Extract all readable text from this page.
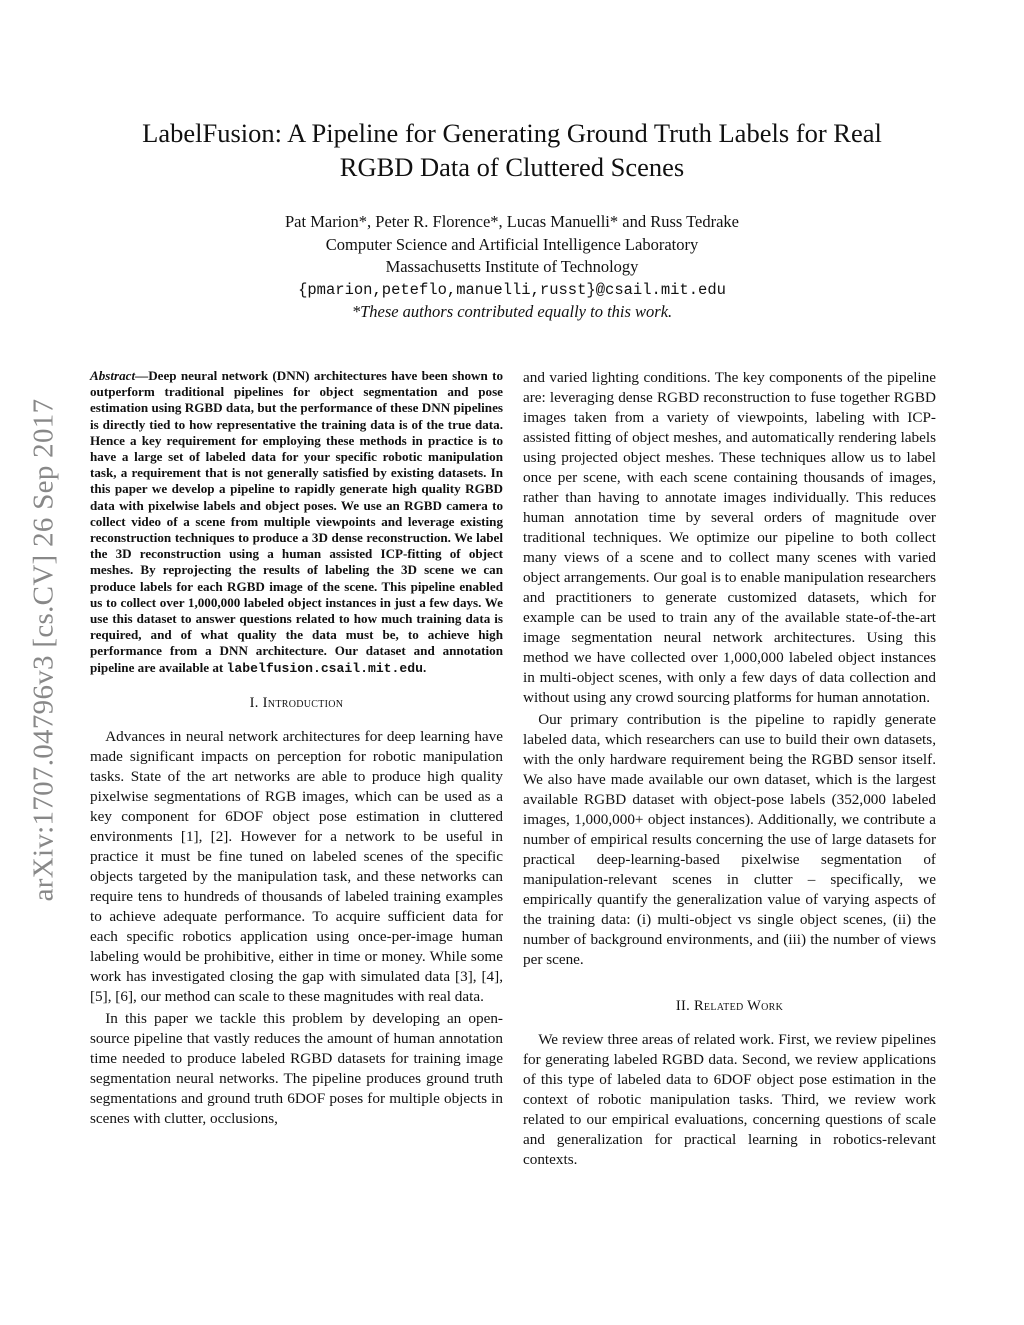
arXiv:1707.04796v3 [cs.CV] 26 Sep 2017
LabelFusion: A Pipeline for Generating Ground Truth Labels for Real
RGBD Data of Cluttered Scenes
Pat Marion*, Peter R. Florence*, Lucas Manuelli* and Russ Tedrake
Computer Science and Artificial Intelligence Laboratory
Massachusetts Institute of Technology
{pmarion,peteflo,manuelli,russt}@csail.mit.edu
*These authors contributed equally to this work.
Abstract—Deep neural network (DNN) architectures have been shown to outperform traditional pipelines for object segmentation and pose estimation using RGBD data, but the performance of these DNN pipelines is directly tied to how representative the training data is of the true data. Hence a key requirement for employing these methods in practice is to have a large set of labeled data for your specific robotic manipulation task, a requirement that is not generally satisfied by existing datasets. In this paper we develop a pipeline to rapidly generate high quality RGBD data with pixelwise labels and object poses. We use an RGBD camera to collect video of a scene from multiple viewpoints and leverage existing reconstruction techniques to produce a 3D dense reconstruction. We label the 3D reconstruction using a human assisted ICP-fitting of object meshes. By reprojecting the results of labeling the 3D scene we can produce labels for each RGBD image of the scene. This pipeline enabled us to collect over 1,000,000 labeled object instances in just a few days. We use this dataset to answer questions related to how much training data is required, and of what quality the data must be, to achieve high performance from a DNN architecture. Our dataset and annotation pipeline are available at labelfusion.csail.mit.edu.
I. Introduction

Advances in neural network architectures for deep learning have made significant impacts on perception for robotic manipulation tasks. State of the art networks are able to produce high quality pixelwise segmentations of RGB images, which can be used as a key component for 6DOF object pose estimation in cluttered environments [1], [2]. However for a network to be useful in practice it must be fine tuned on labeled scenes of the specific objects targeted by the manipulation task, and these networks can require tens to hundreds of thousands of labeled training examples to achieve adequate performance. To acquire sufficient data for each specific robotics application using once-per-image human labeling would be prohibitive, either in time or money. While some work has investigated closing the gap with simulated data [3], [4], [5], [6], our method can scale to these magnitudes with real data.

In this paper we tackle this problem by developing an open-source pipeline that vastly reduces the amount of human annotation time needed to produce labeled RGBD datasets for training image segmentation neural networks. The pipeline produces ground truth segmentations and ground truth 6DOF poses for multiple objects in scenes with clutter, occlusions,

and varied lighting conditions. The key components of the pipeline are: leveraging dense RGBD reconstruction to fuse together RGBD images taken from a variety of viewpoints, labeling with ICP-assisted fitting of object meshes, and automatically rendering labels using projected object meshes. These techniques allow us to label once per scene, with each scene containing thousands of images, rather than having to annotate images individually. This reduces human annotation time by several orders of magnitude over traditional techniques. We optimize our pipeline to both collect many views of a scene and to collect many scenes with varied object arrangements. Our goal is to enable manipulation researchers and practitioners to generate customized datasets, which for example can be used to train any of the available state-of-the-art image segmentation neural network architectures. Using this method we have collected over 1,000,000 labeled object instances in multi-object scenes, with only a few days of data collection and without using any crowd sourcing platforms for human annotation.

Our primary contribution is the pipeline to rapidly generate labeled data, which researchers can use to build their own datasets, with the only hardware requirement being the RGBD sensor itself. We also have made available our own dataset, which is the largest available RGBD dataset with object-pose labels (352,000 labeled images, 1,000,000+ object instances). Additionally, we contribute a number of empirical results concerning the use of large datasets for practical deep-learning-based pixelwise segmentation of manipulation-relevant scenes in clutter – specifically, we empirically quantify the generalization value of varying aspects of the training data: (i) multi-object vs single object scenes, (ii) the number of background environments, and (iii) the number of views per scene.

II. Related Work

We review three areas of related work. First, we review pipelines for generating labeled RGBD data. Second, we review applications of this type of labeled data to 6DOF object pose estimation in the context of robotic manipulation tasks. Third, we review work related to our empirical evaluations, concerning questions of scale and generalization for practical learning in robotics-relevant contexts.
